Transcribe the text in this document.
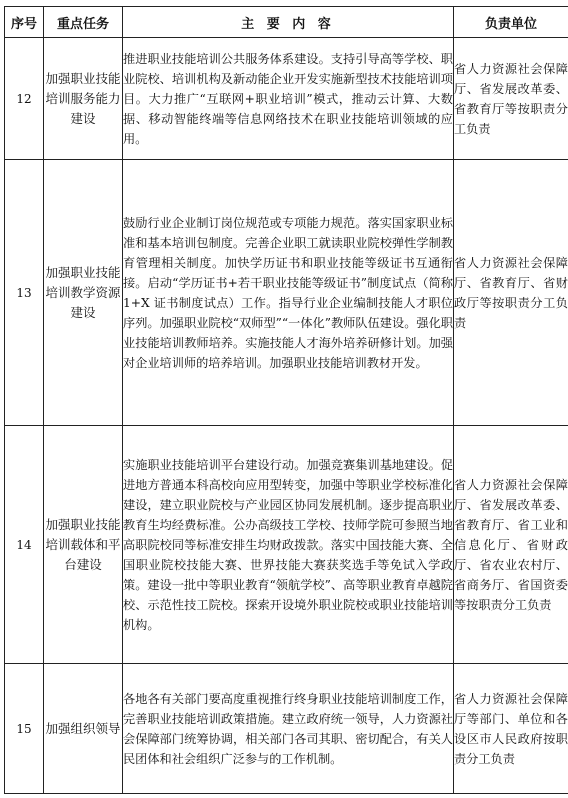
序号	重点任务	主 要 内 容	负责单位
12	加强职业技能培训服务能力建设	推进职业技能培训公共服务体系建设。支持引导高等学校、职业院校、培训机构及新动能企业开发实施新型技术技能培训项目。大力推广“互联网+职业培训”模式，推动云计算、大数据、移动智能终端等信息网络技术在职业技能培训领域的应用。	省人力资源社会保障厅、省发展改革委、省教育厅等按职责分工负责
13	加强职业技能培训教学资源建设	鼓励行业企业制订岗位规范或专项能力规范。落实国家职业标准和基本培训包制度。完善企业职工就读职业院校弹性学制教育管理相关制度。加快学历证书和职业技能等级证书互通衔接。启动“学历证书+若干职业技能等级证书”制度试点（简称 1+X 证书制度试点）工作。指导行业企业编制技能人才职位序列。加强职业院校“双师型”“一体化”教师队伍建设。强化职业技能培训教师培养。实施技能人才海外培养研修计划。加强对企业培训师的培养培训。加强职业技能培训教材开发。	省人力资源社会保障厅、省教育厅、省财政厅等按职责分工负责
14	加强职业技能培训载体和平台建设	实施职业技能培训平台建设行动。加强竞赛集训基地建设。促进地方普通本科高校向应用型转变，加强中等职业学校标准化建设，建立职业院校与产业园区协同发展机制。逐步提高职业教育生均经费标准。公办高级技工学校、技师学院可参照当地高职院校同等标准安排生均财政拨款。落实中国技能大赛、全国职业院校技能大赛、世界技能大赛获奖选手等免试入学政策。建设一批中等职业教育“领航学校”、高等职业教育卓越院校、示范性技工院校。探索开设境外职业院校或职业技能培训机构。	省人力资源社会保障厅、省发展改革委、省教育厅、省工业和信息化厅、省财政厅、省农业农村厅、省商务厅、省国资委等按职责分工负责
15	加强组织领导	各地各有关部门要高度重视推行终身职业技能培训制度工作，完善职业技能培训政策措施。建立政府统一领导，人力资源社会保障部门统筹协调，相关部门各司其职、密切配合，有关人民团体和社会组织广泛参与的工作机制。	省人力资源社会保障厅等部门、单位和各设区市人民政府按职责分工负责
